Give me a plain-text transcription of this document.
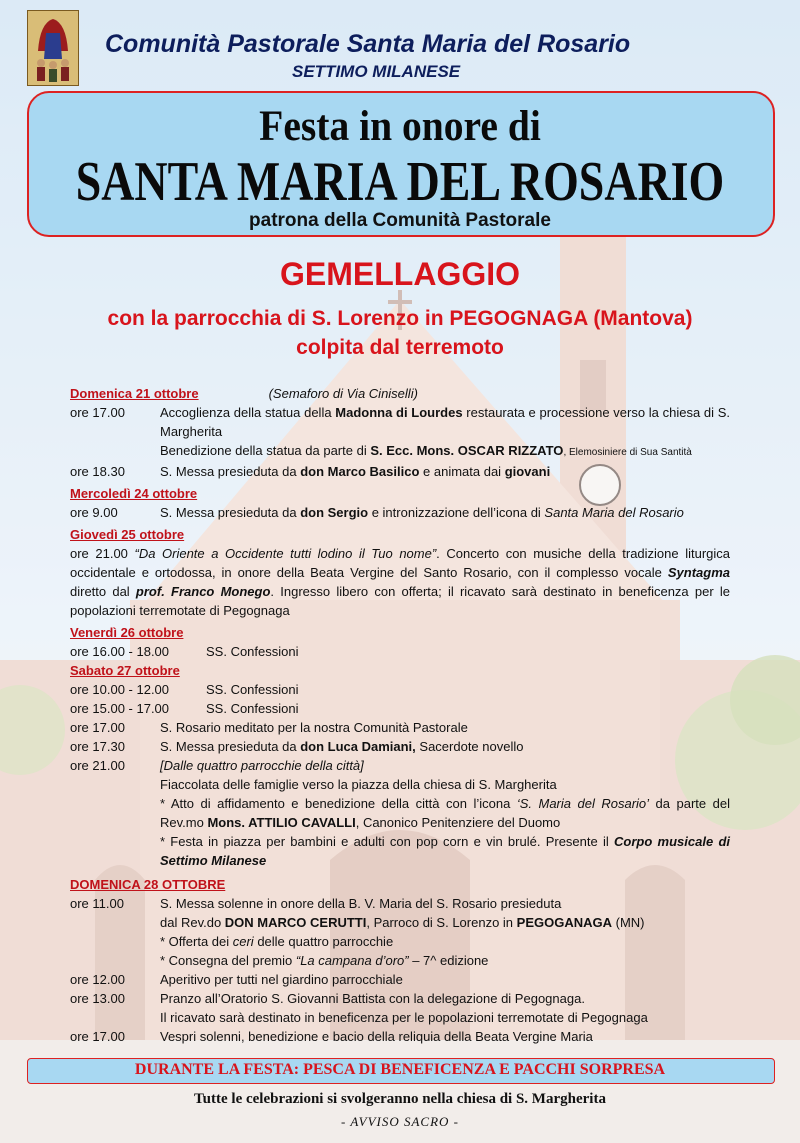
Comunità Pastorale Santa Maria del Rosario
SETTIMO MILANESE
Festa in onore di
SANTA MARIA DEL ROSARIO
patrona della Comunità Pastorale
GEMELLAGGIO
con la parrocchia di S. Lorenzo in PEGOGNAGA (Mantova)
colpita dal terremoto
Domenica 21 ottobre	(Semaforo di Via Ciniselli)
ore 17.00	Accoglienza della statua della Madonna di Lourdes restaurata e processione verso la chiesa di S. Margherita
Benedizione della statua da parte di S. Ecc. Mons. OSCAR RIZZATO, Elemosiniere di Sua Santità
ore 18.30	S. Messa presieduta da don Marco Basilico e animata dai giovani
Mercoledì 24 ottobre
ore 9.00	S. Messa presieduta da don Sergio e intronizzazione dell’icona di Santa Maria del Rosario
Giovedì 25 ottobre
ore 21.00 “Da Oriente a Occidente tutti lodino il Tuo nome”. Concerto con musiche della tradizione liturgica occidentale e ortodossa, in onore della Beata Vergine del Santo Rosario, con il complesso vocale Syntagma diretto dal prof. Franco Monego. Ingresso libero con offerta; il ricavato sarà destinato in beneficenza per le popolazioni terremotate di Pegognaga
Venerdì 26 ottobre
ore 16.00 - 18.00	SS. Confessioni
Sabato 27 ottobre
ore 10.00 - 12.00	SS. Confessioni
ore 15.00 - 17.00	SS. Confessioni
ore 17.00	S. Rosario meditato per la nostra Comunità Pastorale
ore 17.30	S. Messa presieduta da don Luca Damiani, Sacerdote novello
ore 21.00	[Dalle quattro parrocchie della città]
Fiaccolata delle famiglie verso la piazza della chiesa di S. Margherita
* Atto di affidamento e benedizione della città con l’icona ‘S. Maria del Rosario’ da parte del Rev.mo Mons. ATTILIO CAVALLI, Canonico Penitenziere del Duomo
* Festa in piazza per bambini e adulti con pop corn e vin brulé. Presente il Corpo musicale di Settimo Milanese
DOMENICA 28 OTTOBRE
ore 11.00	S. Messa solenne in onore della B. V. Maria del S. Rosario presieduta
dal Rev.do DON MARCO CERUTTI, Parroco di S. Lorenzo in PEGOGANAGA (MN)
* Offerta dei ceri delle quattro parrocchie
* Consegna del premio “La campana d’oro” – 7^ edizione
ore 12.00	Aperitivo per tutti nel giardino parrocchiale
ore 13.00	Pranzo all’Oratorio S. Giovanni Battista con la delegazione di Pegognaga.
Il ricavato sarà destinato in beneficenza per le popolazioni terremotate di Pegognaga
ore 17.00	Vespri solenni, benedizione e bacio della reliquia della Beata Vergine Maria
DURANTE LA FESTA: PESCA DI BENEFICENZA E PACCHI SORPRESA
Tutte le celebrazioni si svolgeranno nella chiesa di S. Margherita
- AVVISO SACRO -
